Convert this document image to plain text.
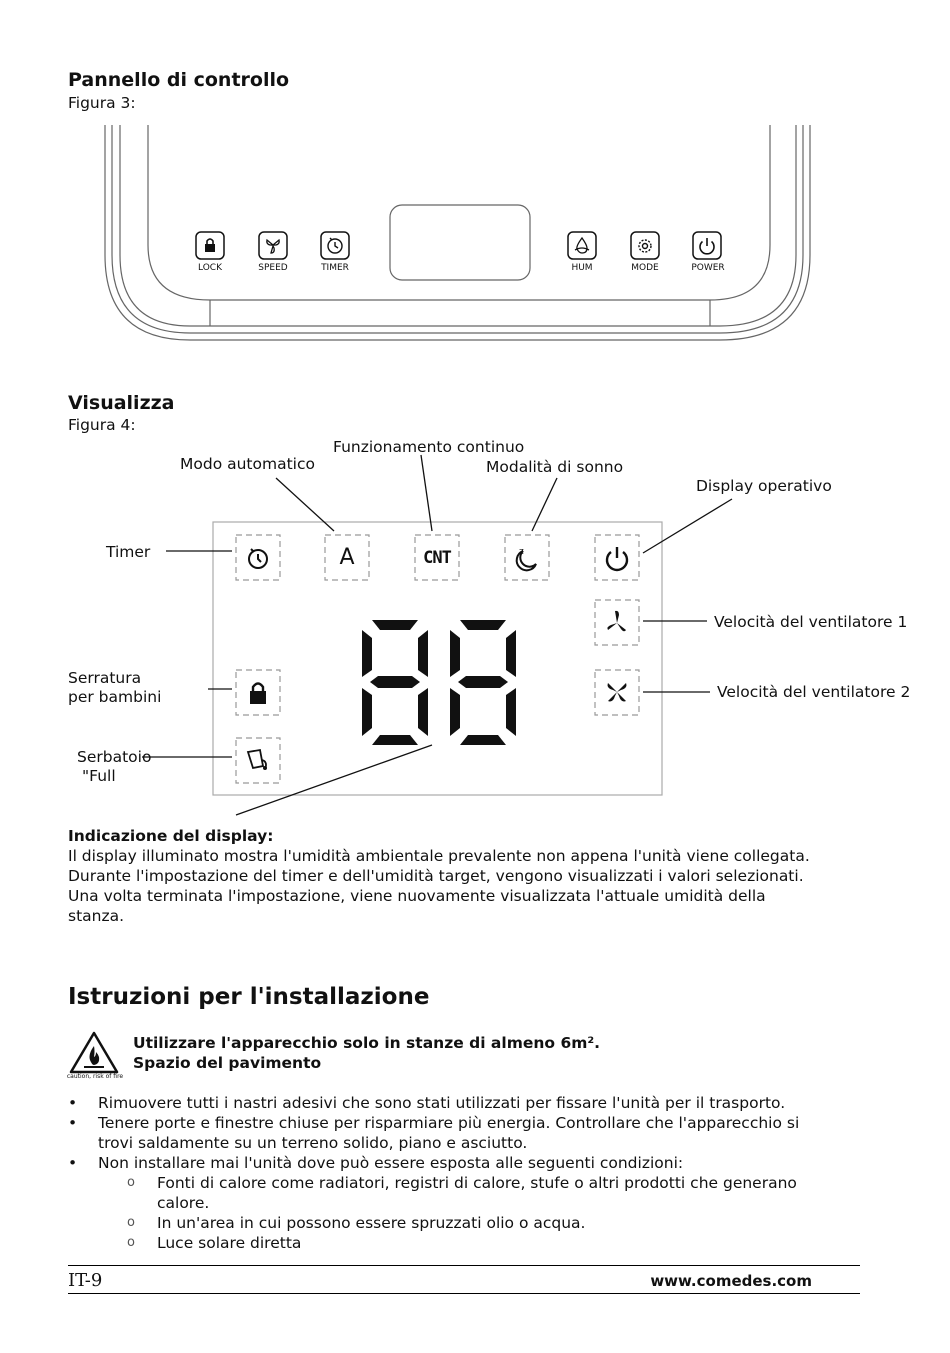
Pannello di controllo
Figura 3:
LOCK	SPEED	TIMER	HUM	MODE	POWER
Visualizza
Figura 4:
A	CNT	z
Funzionamento continuo
Modo automatico	Modalità di sonno
Display operativo
Timer
Velocità del ventilatore 1
Velocità del ventilatore 2
Serratura
per bambini
Serbatoio
"Full
Indicazione del display:
Il display illuminato mostra l'umidità ambientale prevalente non appena l'unità viene collegata.
Durante l'impostazione del timer e dell'umidità target, vengono visualizzati i valori selezionati.
Una volta terminata l'impostazione, viene nuovamente visualizzata l'attuale umidità della
stanza.
Istruzioni per l'installazione
caution, risk of fire
Utilizzare l'apparecchio solo in stanze di almeno 6m².
Spazio del pavimento
• Rimuovere tutti i nastri adesivi che sono stati utilizzati per fissare l'unità per il trasporto.
• Tenere porte e finestre chiuse per risparmiare più energia. Controllare che l'apparecchio si
trovi saldamente su un terreno solido, piano e asciutto.
• Non installare mai l'unità dove può essere esposta alle seguenti condizioni:
o Fonti di calore come radiatori, registri di calore, stufe o altri prodotti che generano
calore.
o In un'area in cui possono essere spruzzati olio o acqua.
o Luce solare diretta
IT-9	www.comedes.com
